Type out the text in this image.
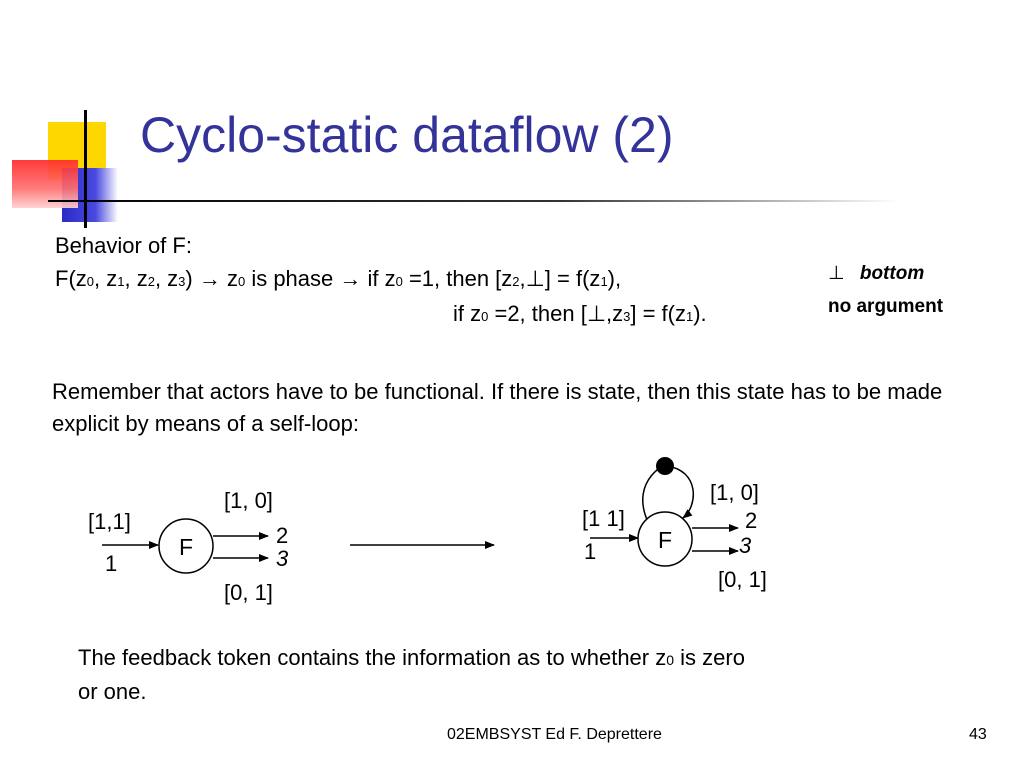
Cyclo-static dataflow (2)
Behavior of F:
F(z0, z1, z2, z3) → z0 is phase → if z0 =1, then [z2,⊥] = f(z1),
if z0 =2, then [⊥,z3] = f(z1).
⊥ bottom
no argument
Remember that actors have to be functional. If there is state, then this state has to be made explicit by means of a self-loop:
F
[1,1]
1
[1, 0]
2
3
[0, 1]
F
[1 1]
1
[1, 0]
2
3
[0, 1]
The feedback token contains the information as to whether z0 is zero
or one.
02EMBSYST Ed F. Deprettere	43
